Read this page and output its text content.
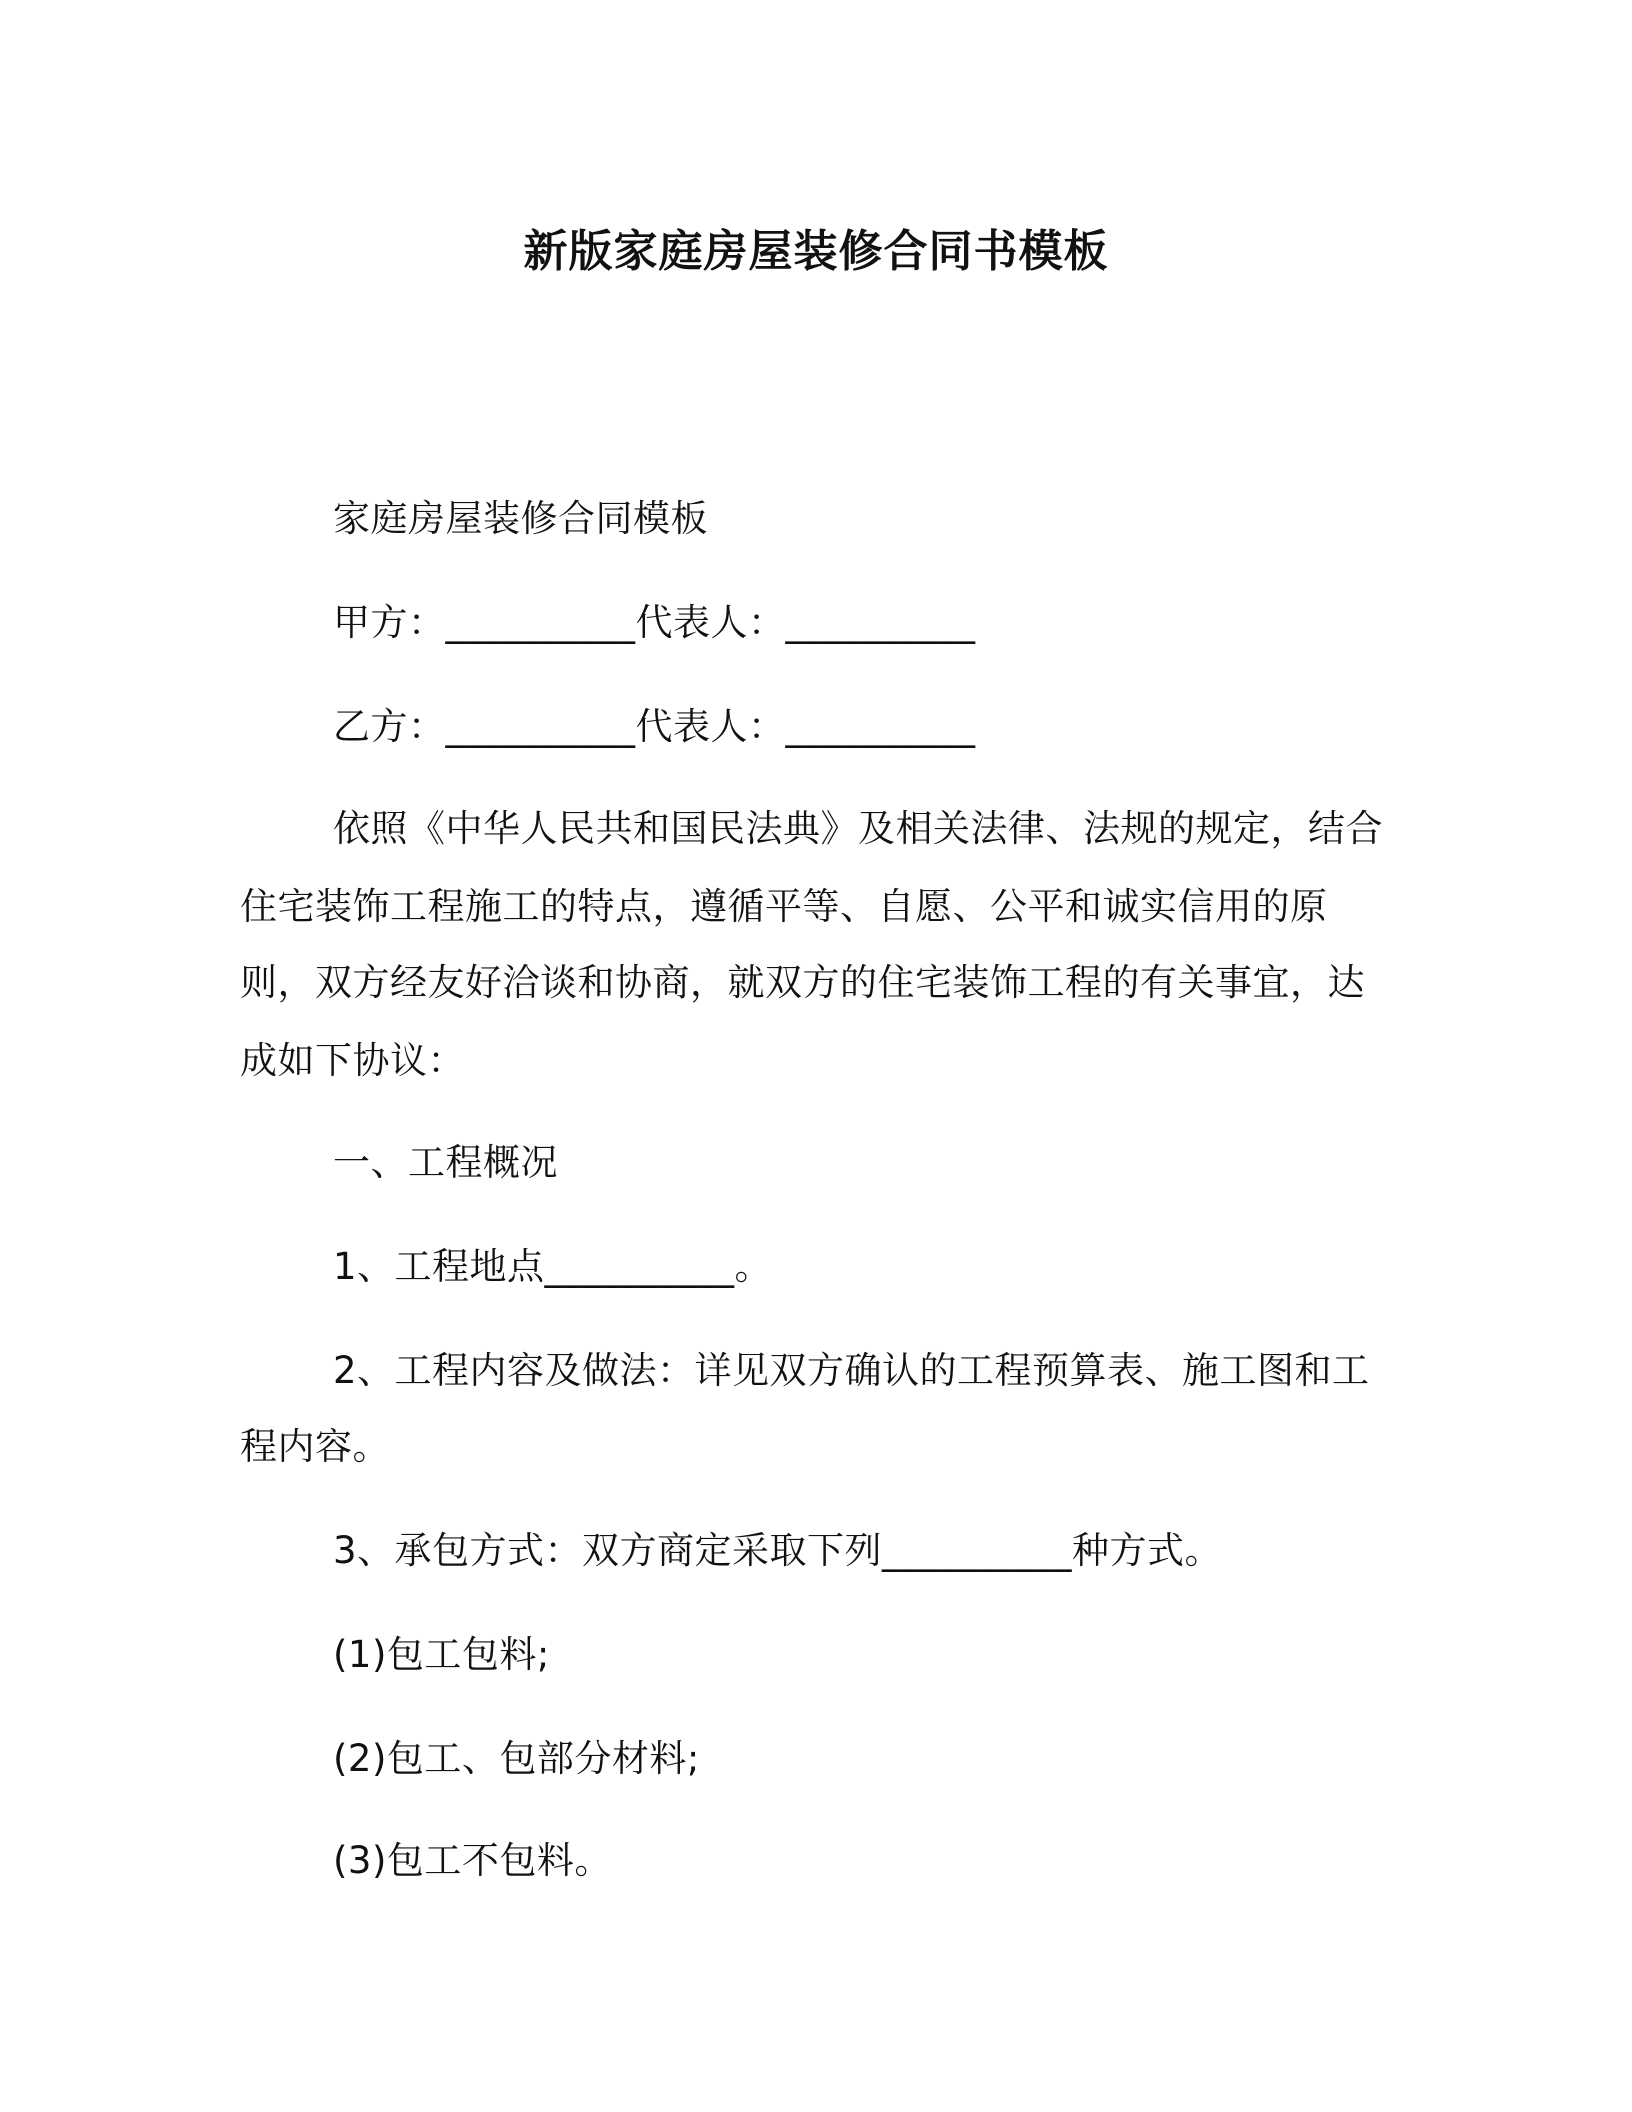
新版家庭房屋装修合同书模板
家庭房屋装修合同模板
甲方：__________代表人：__________
乙方：__________代表人：__________
依照《中华人民共和国民法典》及相关法律、法规的规定，结合
住宅装饰工程施工的特点，遵循平等、自愿、公平和诚实信用的原
则，双方经友好洽谈和协商，就双方的住宅装饰工程的有关事宜，达
成如下协议：
一、工程概况
1、工程地点__________。
2、工程内容及做法：详见双方确认的工程预算表、施工图和工
程内容。
3、承包方式：双方商定采取下列__________种方式。
(1)包工包料;
(2)包工、包部分材料;
(3)包工不包料。
